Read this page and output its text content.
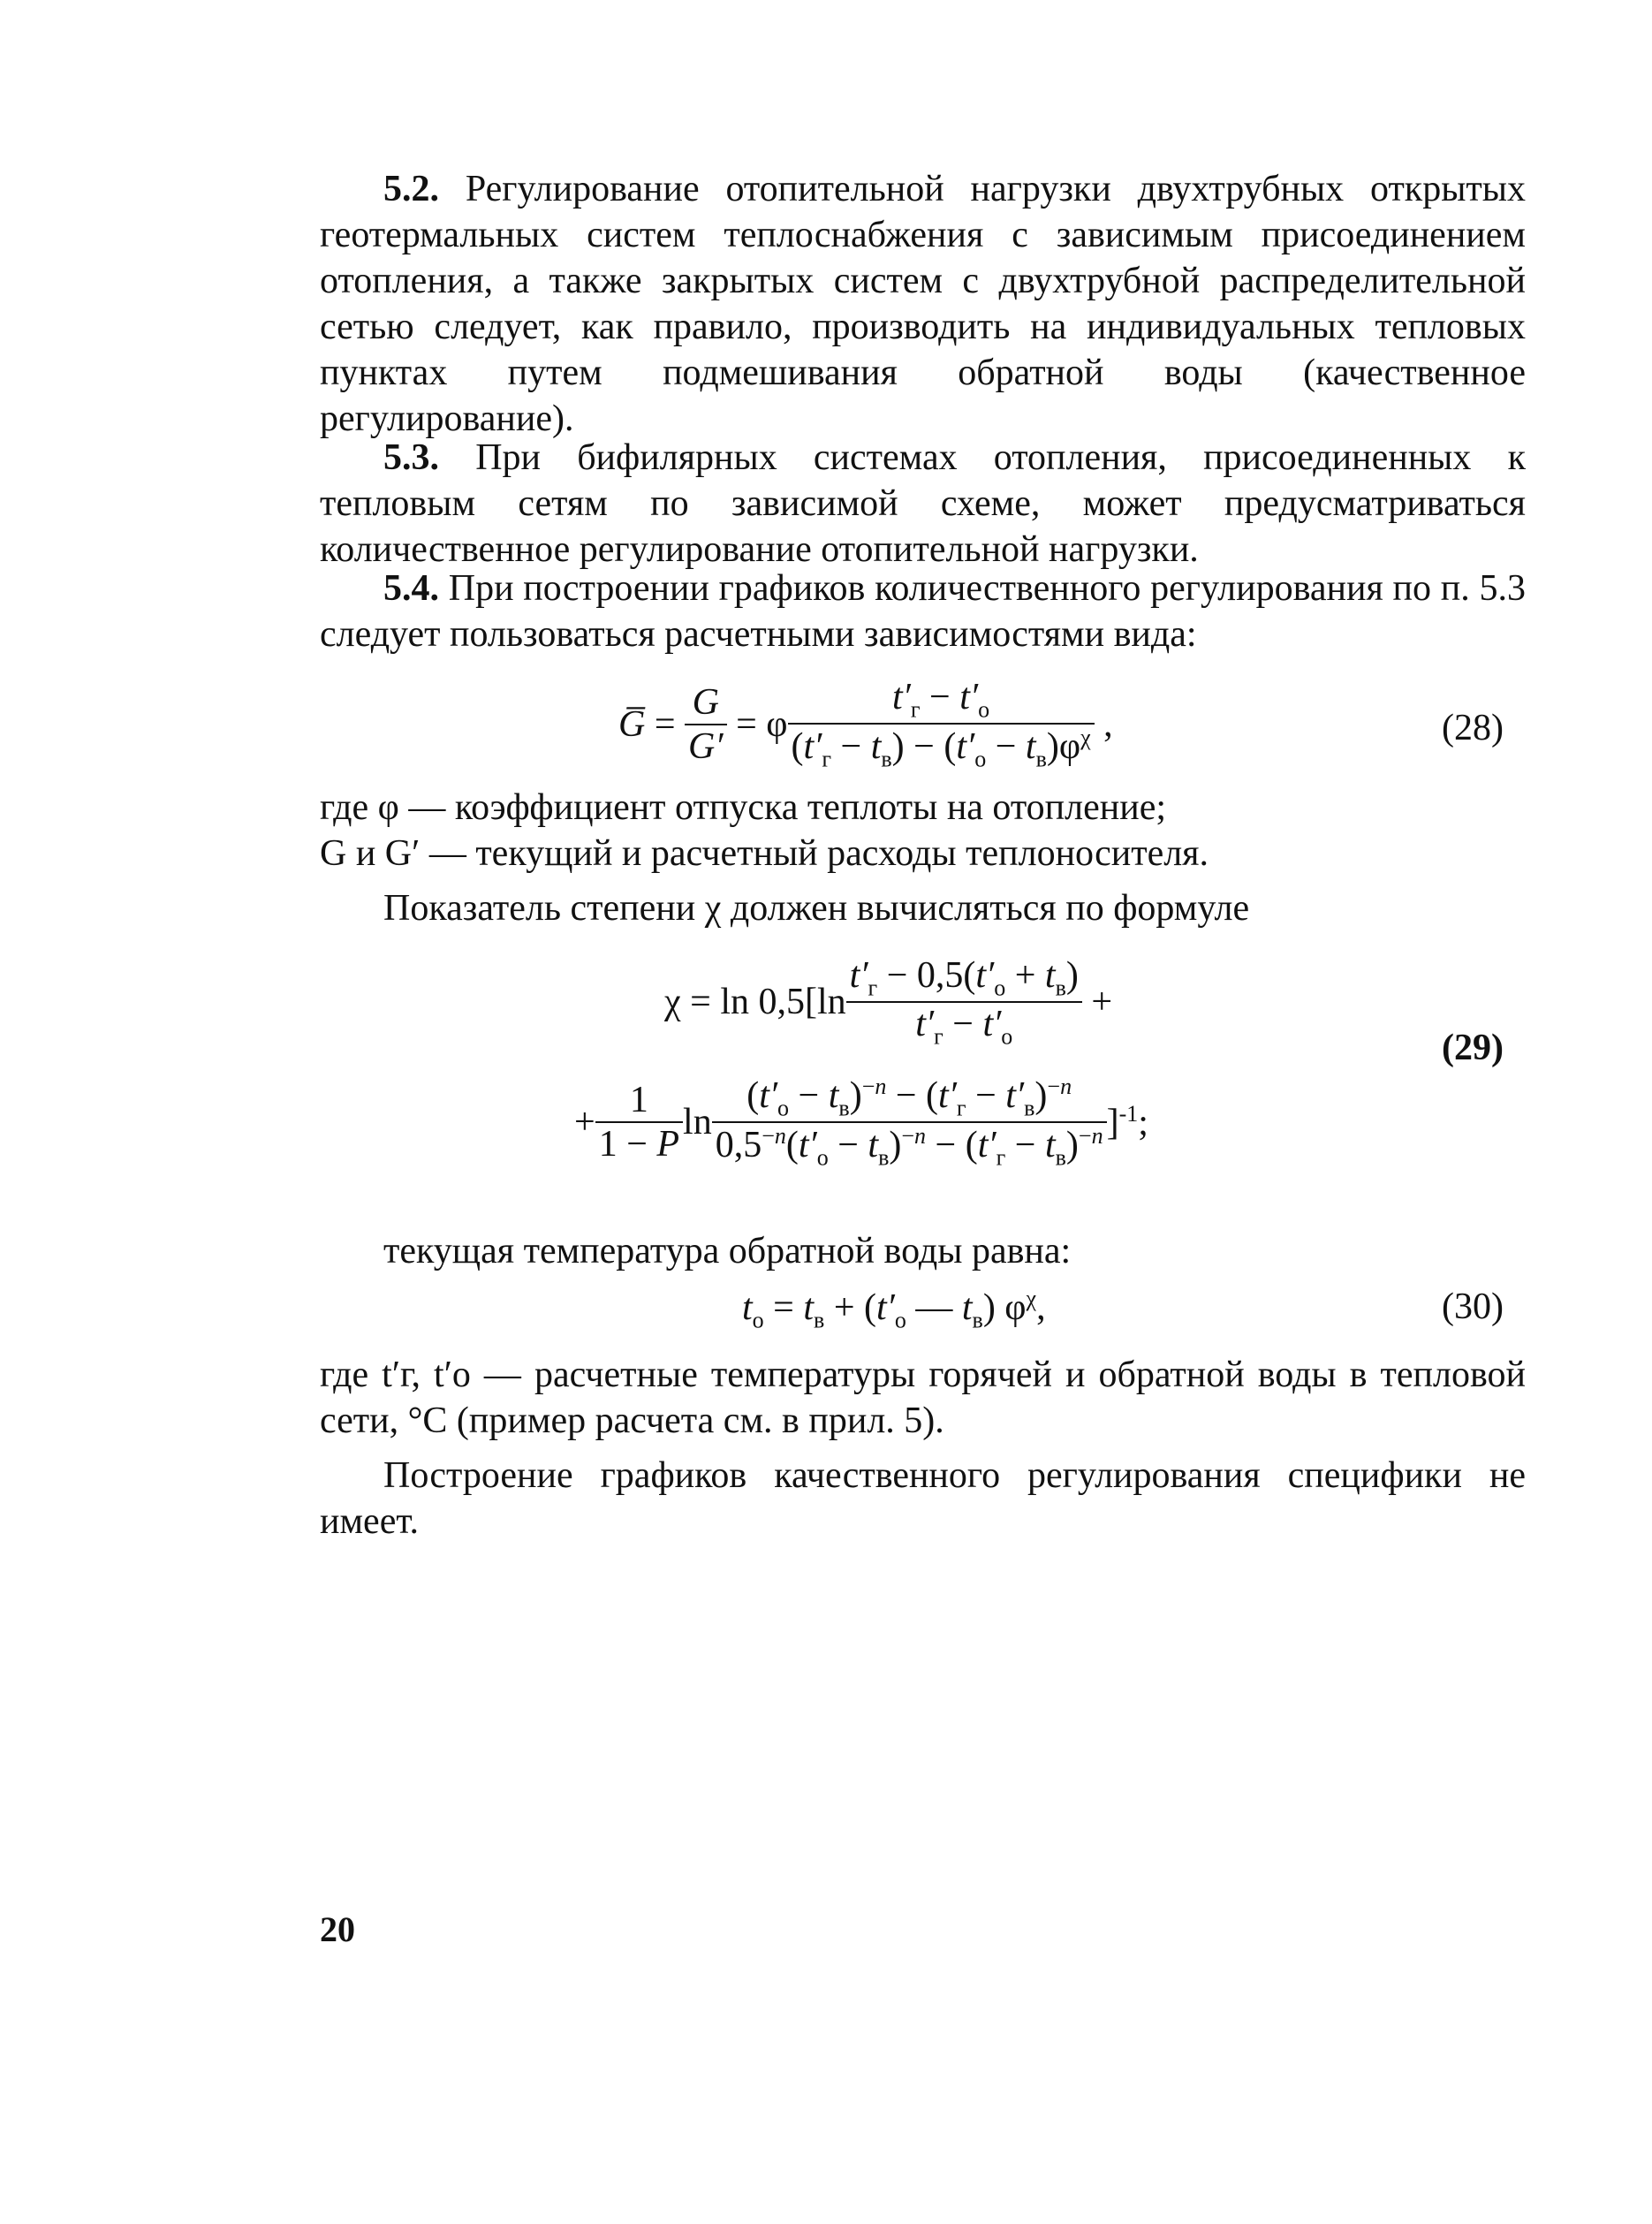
5.2. Регулирование отопительной нагрузки двухтрубных открытых геотермальных систем теплоснабжения с зависимым присоединением отопления, а также закрытых систем с двухтрубной распределительной сетью следует, как правило, производить на индивидуальных тепловых пунктах путем подмешивания обратной воды (качественное регулирование).

5.3. При бифилярных системах отопления, присоединенных к тепловым сетям по зависимой схеме, может предусматриваться количественное регулирование отопительной нагрузки.

5.4. При построении графиков количественного регулирования по п. 5.3 следует пользоваться расчетными зависимостями вида:

G̅ = $\frac{G}{G'} = \varphi \frac{t'_г - t'_о}{(t'_г - t_в) - (t'_о - t_в)\varphi^\chi}$ ,	(28)

где φ — коэффициент отпуска теплоты на отопление;

G и G′ — текущий и расчетный расходы теплоносителя.

Показатель степени χ должен вычисляться по формуле

$\chi = \ln 0,5[\ln \frac{t'_г - 0,5(t'_о + t_в)}{t'_г - t'_о}$ +
+ $\frac{1}{1 - P}$ $\ln \frac{(t'_о - t_в)^{-n} - (t'_г - t'_в)^{-n}}{0,5^{-n}(t'_о - t_в)^{-n} - (t'_г - t_в)^{-n}} ]^{-1}$;
(29)

текущая температура обратной воды равна:

$t_о = t_в + (t'_о$ — $t_в$) $\varphi^\chi$,	(30)

где t′г, t′о — расчетные температуры горячей и обратной воды в тепловой сети, °С (пример расчета см. в прил. 5).

Построение графиков качественного регулирования специфики не имеет.

20
